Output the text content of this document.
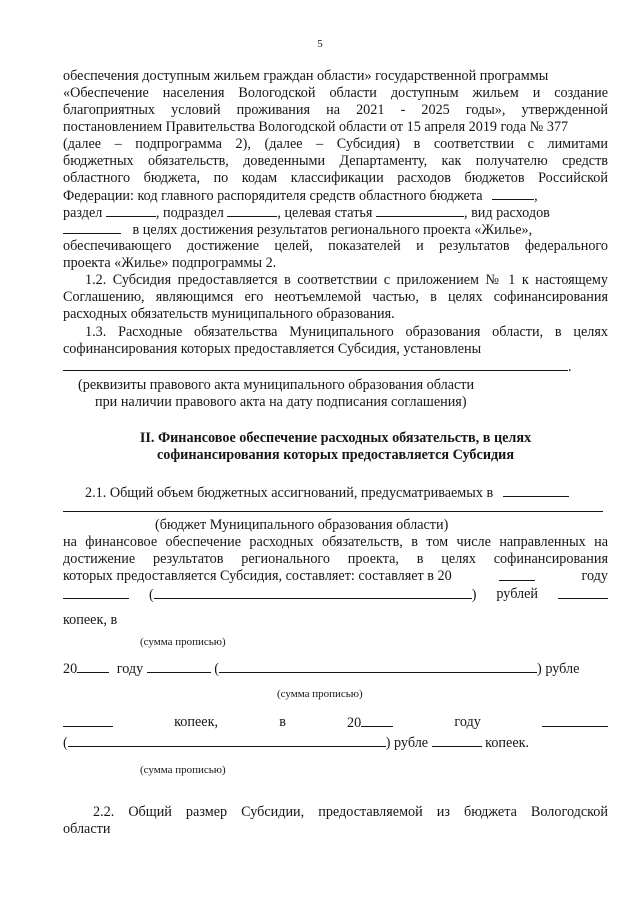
5
обеспечения доступным жильем граждан области» государственной программы
«Обеспечение населения Вологодской области доступным жильем и создание
благоприятных условий проживания на 2021 - 2025 годы», утвержденной
постановлением Правительства Вологодской области от 15 апреля 2019 года № 377
(далее – подпрограмма 2), (далее – Субсидия) в соответствии с лимитами
бюджетных обязательств, доведенными Департаменту, как получателю средств
областного бюджета, по кодам классификации расходов бюджетов Российской
Федерации: код главного распорядителя средств областного бюджета	,
раздел	, подраздел	, целевая статья	, вид расходов
в целях достижения результатов регионального проекта «Жилье»,
обеспечивающего достижение целей, показателей и результатов федерального
проекта «Жилье» подпрограммы 2.
1.2. Субсидия предоставляется в соответствии с приложением № 1 к настоящему
Соглашению, являющимся его неотъемлемой частью, в целях софинансирования
расходных обязательств муниципального образования.
1.3. Расходные обязательства Муниципального образования области, в целях
софинансирования которых предоставляется Субсидия, установлены
.
(реквизиты правового акта муниципального образования области
при наличии правового акта на дату подписания соглашения)
II. Финансовое обеспечение расходных обязательств, в целях
софинансирования которых предоставляется Субсидия
2.1. Общий объем бюджетных ассигнований, предусматриваемых в
(бюджет Муниципального образования области)
на финансовое обеспечение расходных обязательств, в том числе направленных на
достижение результатов регионального проекта, в целях софинансирования
которых предоставляется Субсидия, составляет: составляет в 20	году
(	) рублей
копеек, в
(сумма прописью)
20	году	(	) рубле
(сумма прописью)
копеек,	в	20	году
(	) рубле	копеек.
(сумма прописью)
2.2. Общий размер Субсидии, предоставляемой из бюджета Вологодской
области
